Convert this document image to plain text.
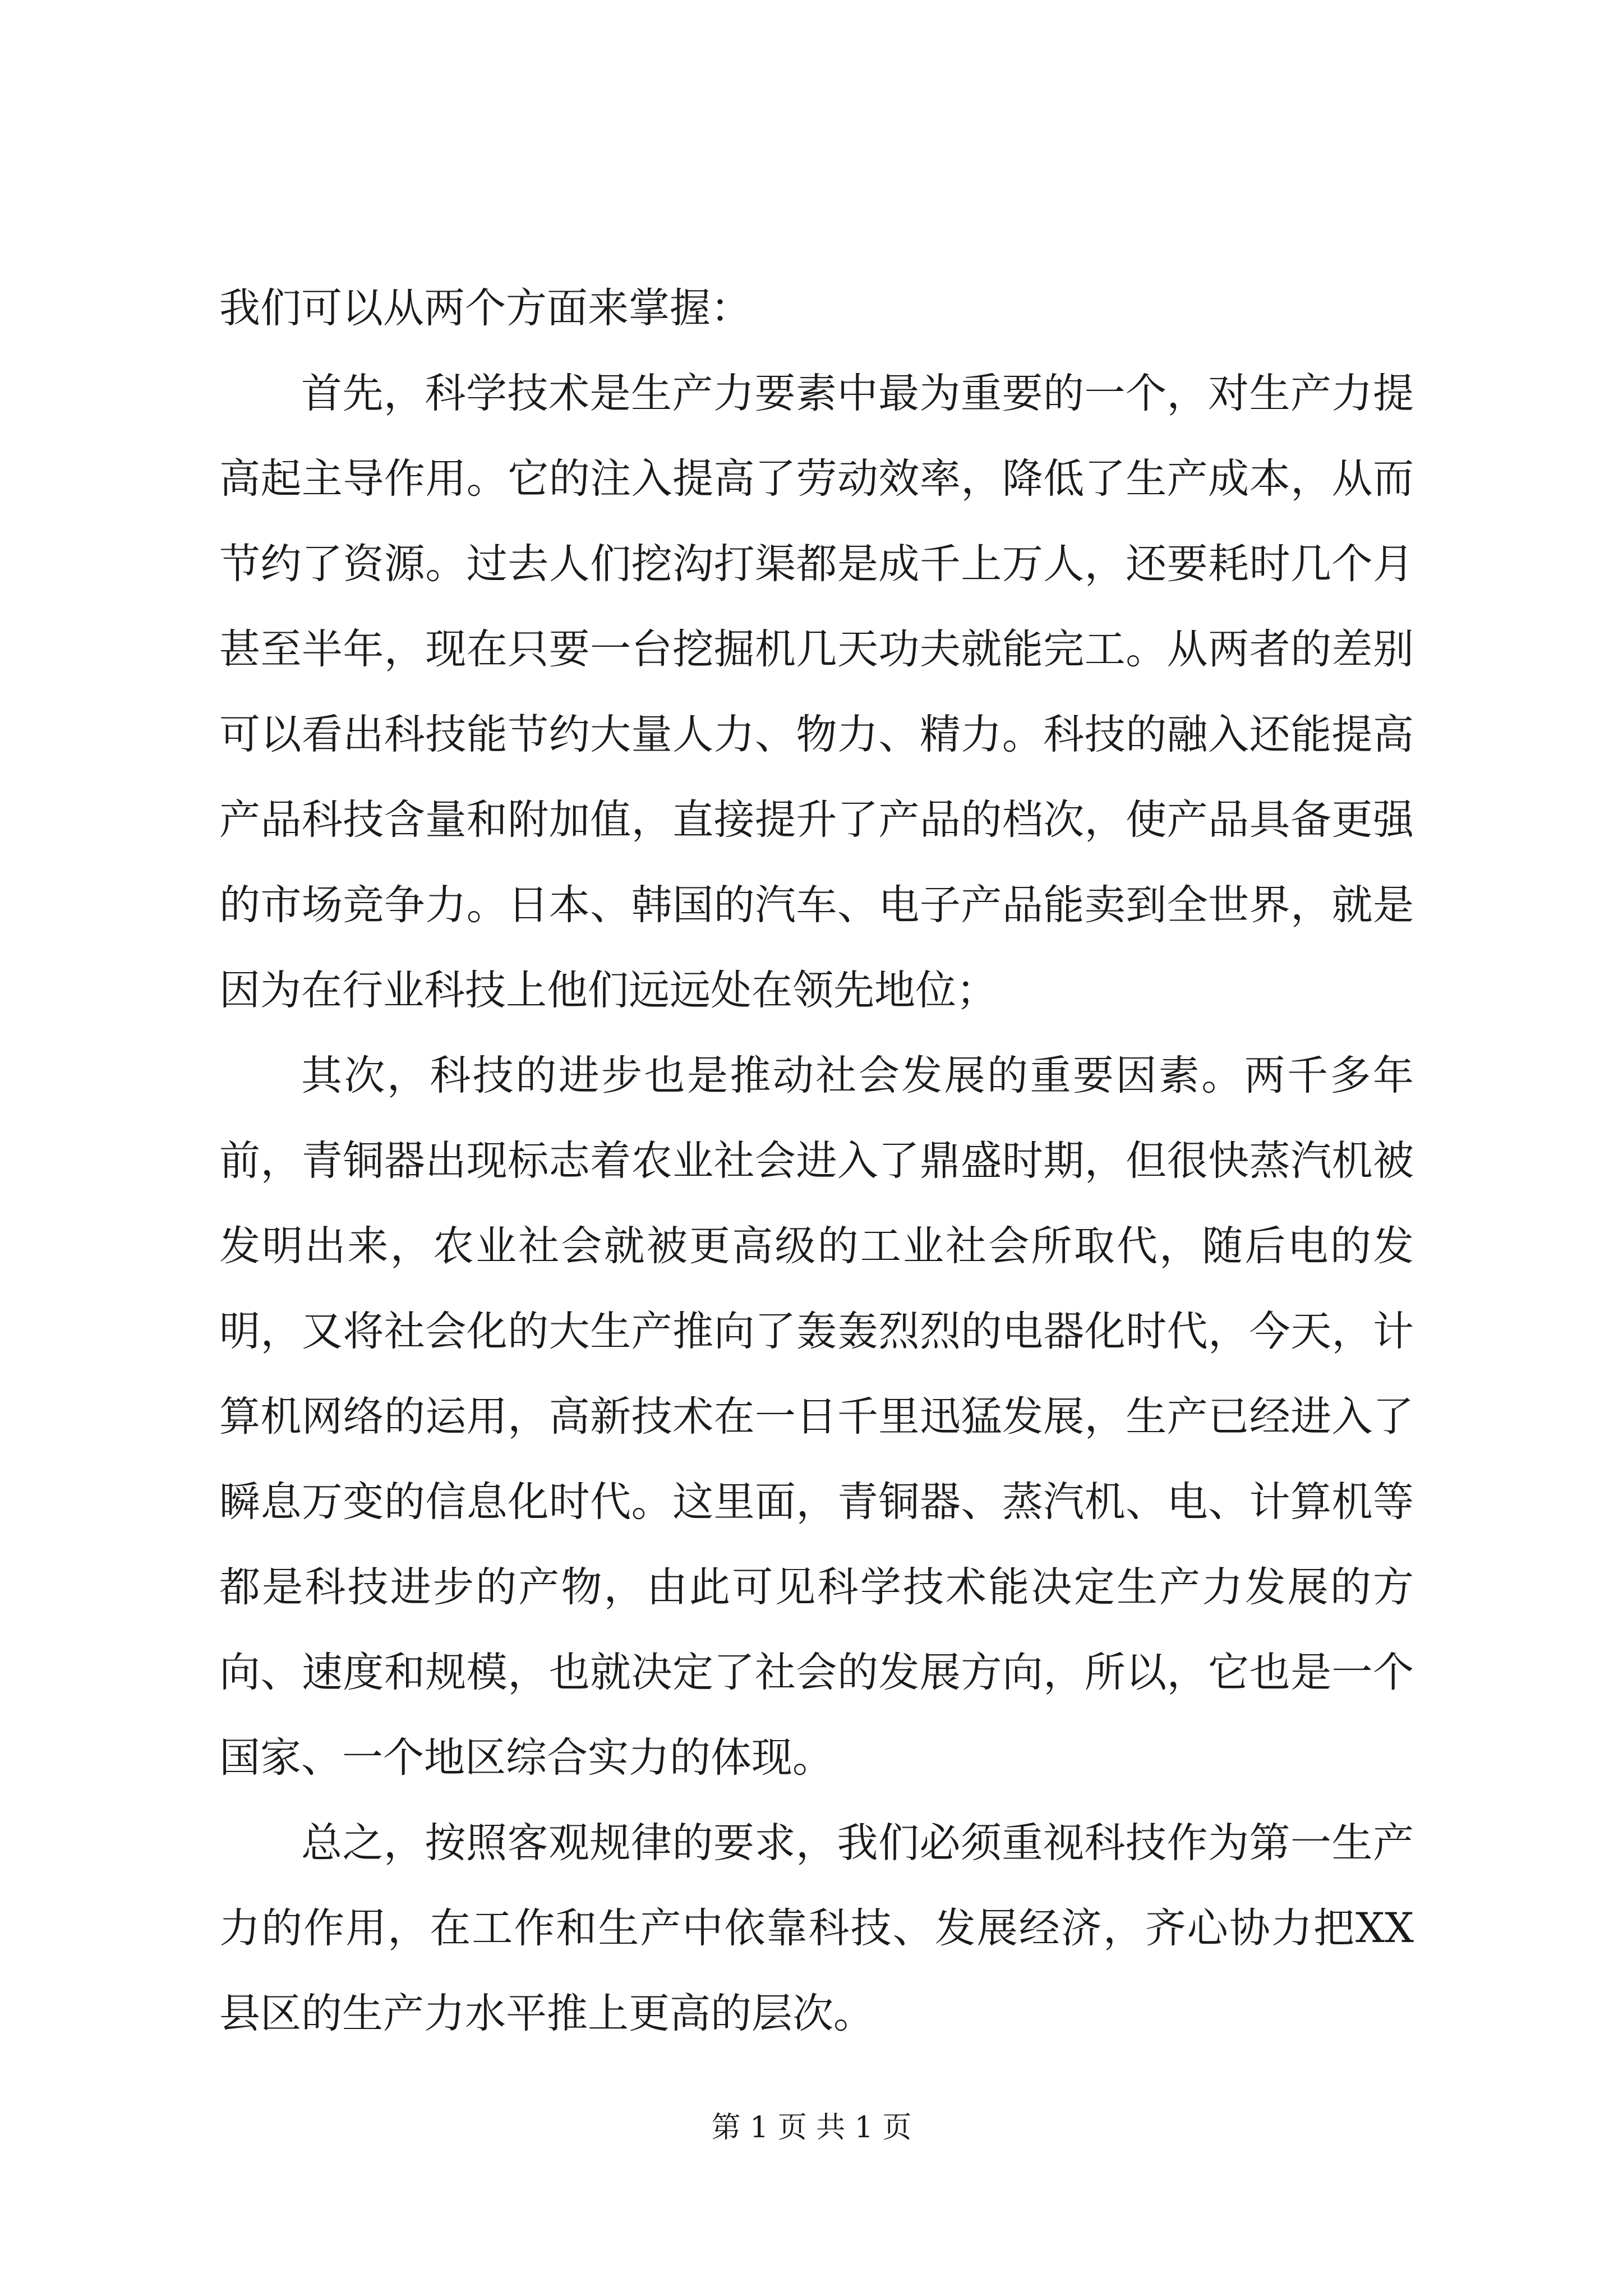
我们可以从两个方面来掌握：

首先，科学技术是生产力要素中最为重要的一个，对生产力提高起主导作用。它的注入提高了劳动效率，降低了生产成本，从而节约了资源。过去人们挖沟打渠都是成千上万人，还要耗时几个月甚至半年，现在只要一台挖掘机几天功夫就能完工。从两者的差别可以看出科技能节约大量人力、物力、精力。科技的融入还能提高产品科技含量和附加值，直接提升了产品的档次，使产品具备更强的市场竞争力。日本、韩国的汽车、电子产品能卖到全世界，就是因为在行业科技上他们远远处在领先地位；

其次，科技的进步也是推动社会发展的重要因素。两千多年前，青铜器出现标志着农业社会进入了鼎盛时期，但很快蒸汽机被发明出来，农业社会就被更高级的工业社会所取代，随后电的发明，又将社会化的大生产推向了轰轰烈烈的电器化时代，今天，计算机网络的运用，高新技术在一日千里迅猛发展，生产已经进入了瞬息万变的信息化时代。这里面，青铜器、蒸汽机、电、计算机等都是科技进步的产物，由此可见科学技术能决定生产力发展的方向、速度和规模，也就决定了社会的发展方向，所以，它也是一个国家、一个地区综合实力的体现。

总之，按照客观规律的要求，我们必须重视科技作为第一生产力的作用，在工作和生产中依靠科技、发展经济，齐心协力把XX县区的生产力水平推上更高的层次。

第 1 页 共 1 页
